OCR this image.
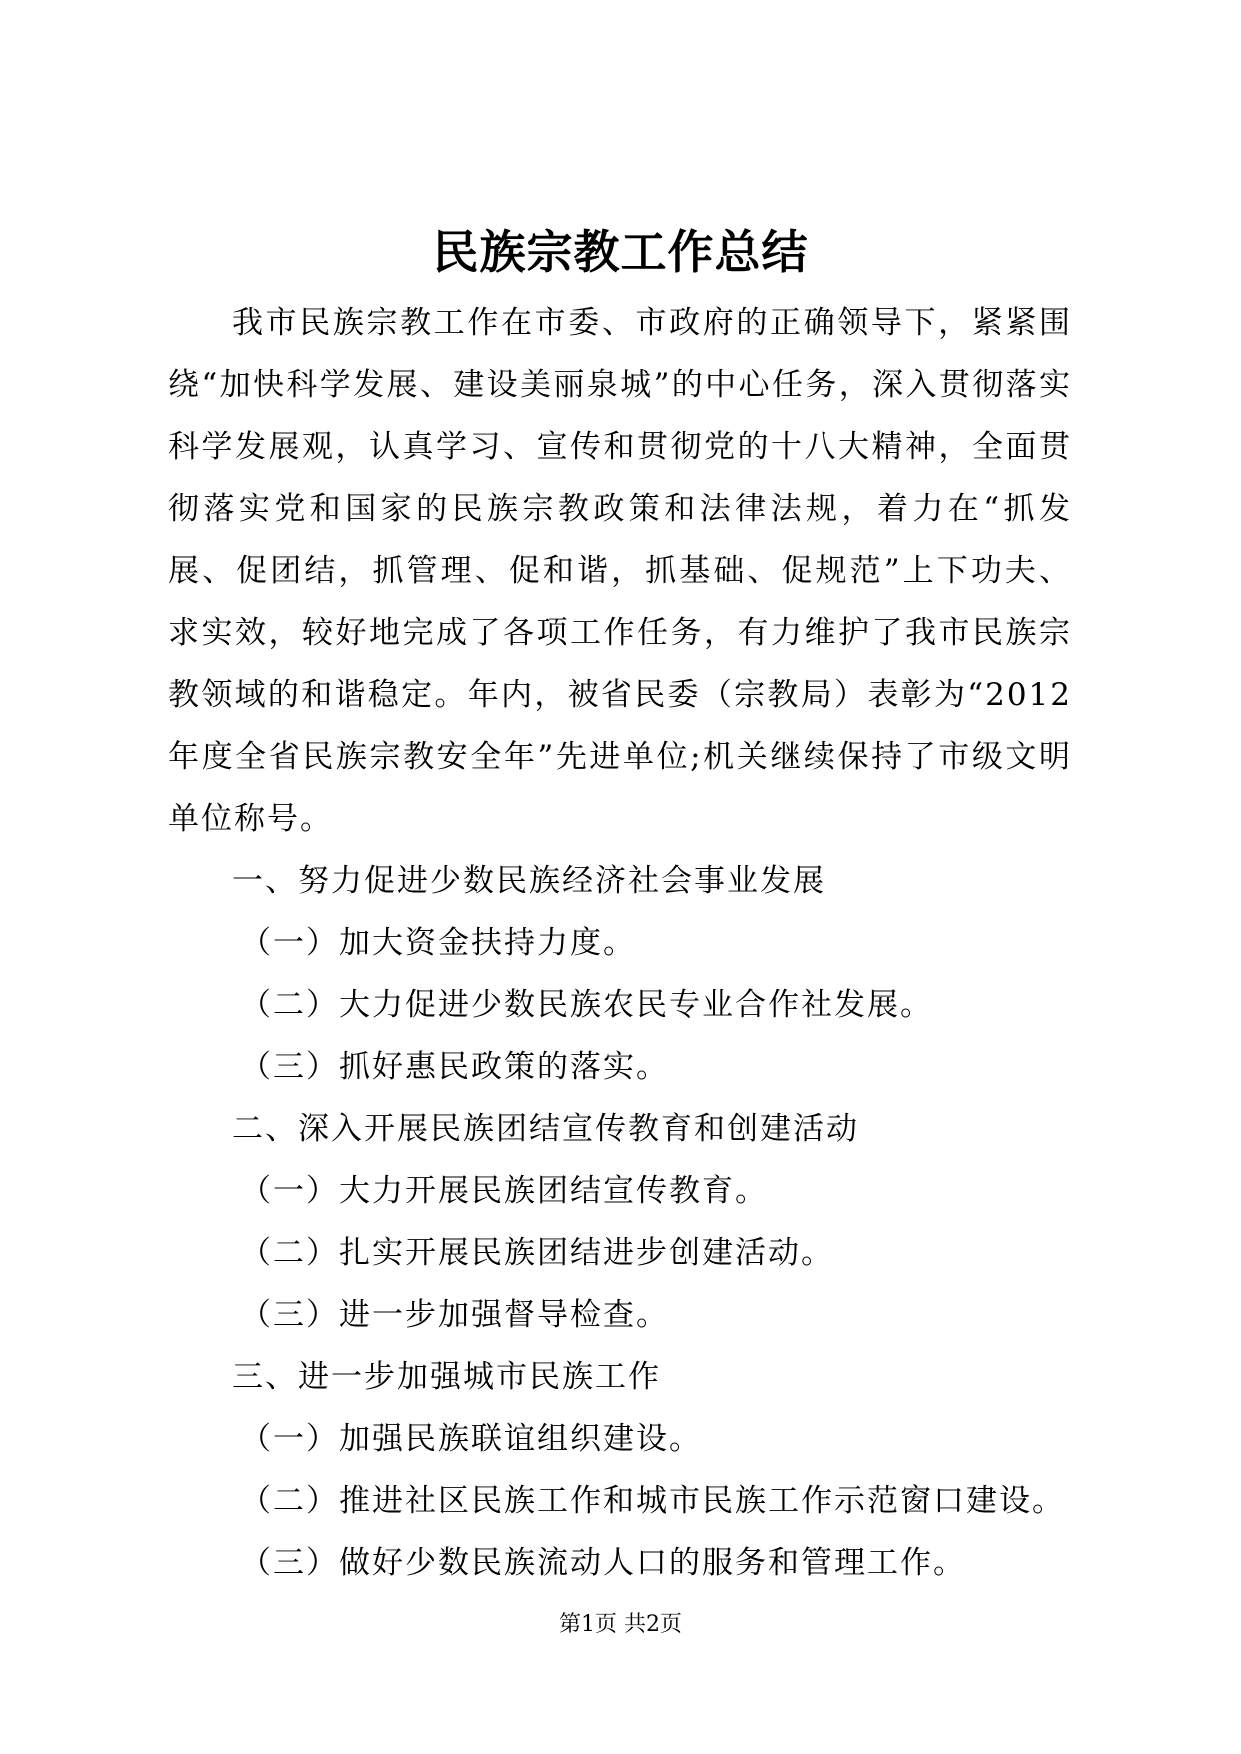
民族宗教工作总结

我市民族宗教工作在市委、市政府的正确领导下，紧紧围绕“加快科学发展、建设美丽泉城”的中心任务，深入贯彻落实科学发展观，认真学习、宣传和贯彻党的十八大精神，全面贯彻落实党和国家的民族宗教政策和法律法规，着力在“抓发展、促团结，抓管理、促和谐，抓基础、促规范”上下功夫、求实效，较好地完成了各项工作任务，有力维护了我市民族宗教领域的和谐稳定。年内，被省民委（宗教局）表彰为“2012年度全省民族宗教安全年”先进单位;机关继续保持了市级文明单位称号。

一、努力促进少数民族经济社会事业发展

（一）加大资金扶持力度。

（二）大力促进少数民族农民专业合作社发展。

（三）抓好惠民政策的落实。

二、深入开展民族团结宣传教育和创建活动

（一）大力开展民族团结宣传教育。

（二）扎实开展民族团结进步创建活动。

（三）进一步加强督导检查。

三、进一步加强城市民族工作

（一）加强民族联谊组织建设。

（二）推进社区民族工作和城市民族工作示范窗口建设。

（三）做好少数民族流动人口的服务和管理工作。

第1页 共2页
